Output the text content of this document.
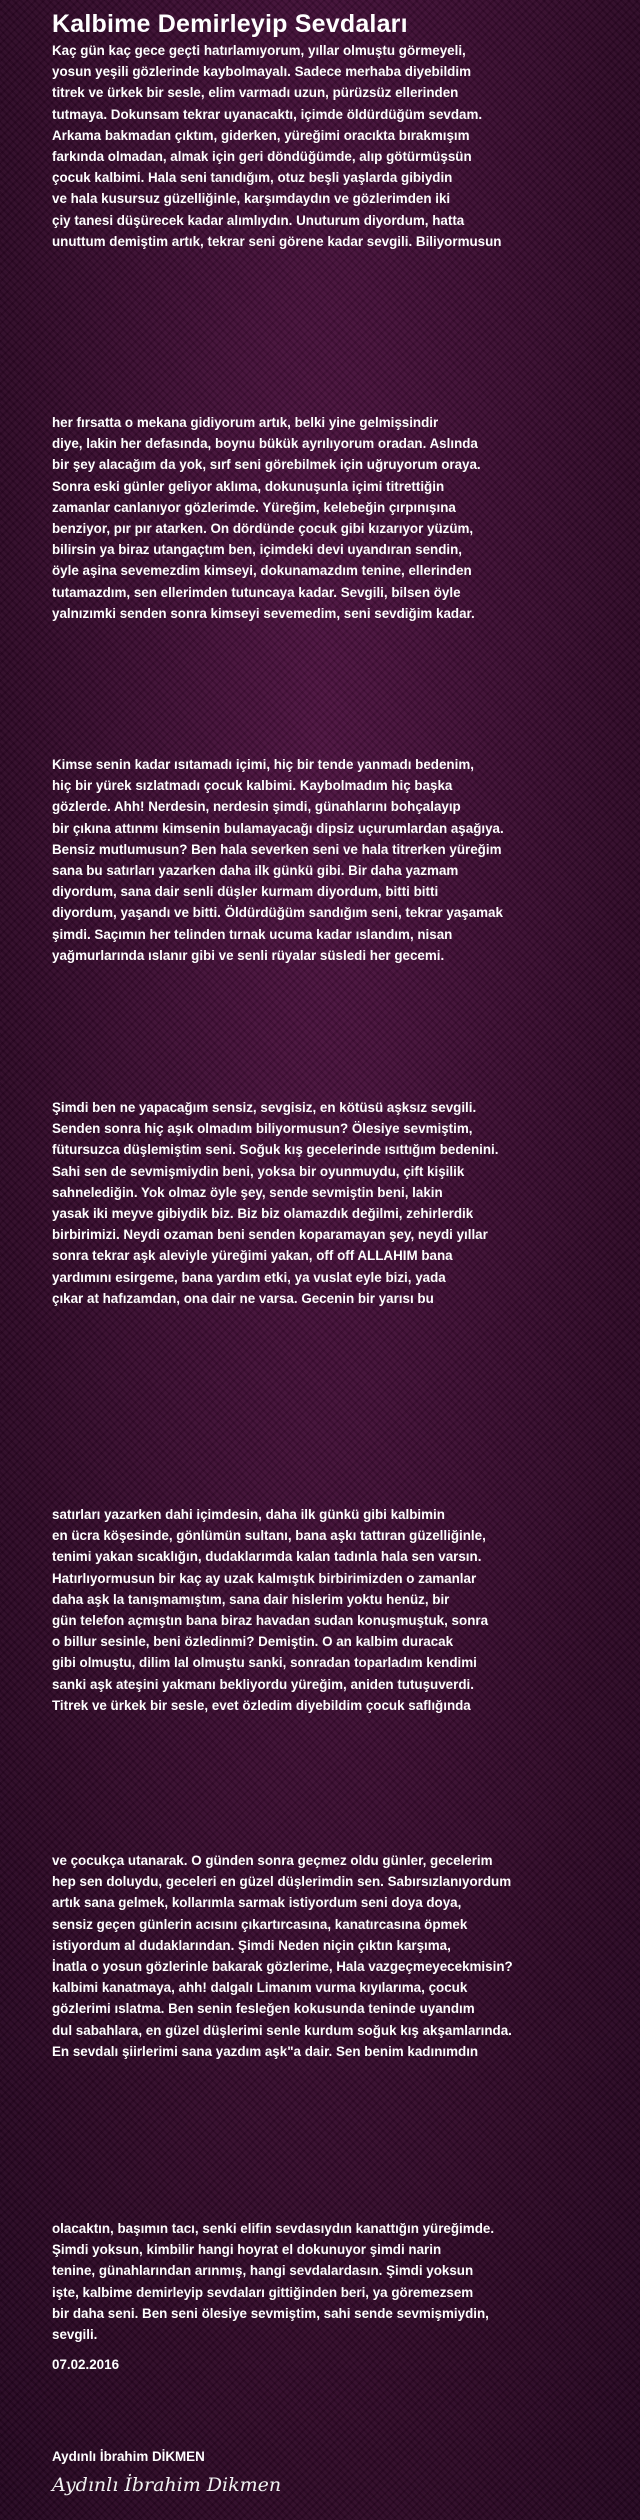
Kalbime Demirleyip Sevdaları

Kaç gün kaç gece geçti hatırlamıyorum, yıllar olmuştu görmeyeli,
yosun yeşili gözlerinde kaybolmayalı. Sadece merhaba diyebildim
titrek ve ürkek bir sesle, elim varmadı uzun, pürüzsüz ellerinden
tutmaya. Dokunsam tekrar uyanacaktı, içimde öldürdüğüm sevdam.
Arkama bakmadan çıktım, giderken, yüreğimi oracıkta bırakmışım
farkında olmadan, almak için geri döndüğümde, alıp götürmüşsün
çocuk kalbimi. Hala seni tanıdığım, otuz beşli yaşlarda gibiydin
ve hala kusursuz güzelliğinle, karşımdaydın ve gözlerimden iki
çiy tanesi düşürecek kadar alımlıydın. Unuturum diyordum, hatta
unuttum demiştim artık, tekrar seni görene kadar sevgili. Biliyormusun

her fırsatta o mekana gidiyorum artık, belki yine gelmişsindir
diye, lakin her defasında, boynu bükük ayrılıyorum oradan. Aslında
bir şey alacağım da yok, sırf seni görebilmek için uğruyorum oraya.
Sonra eski günler geliyor aklıma, dokunuşunla içimi titrettiğin
zamanlar canlanıyor gözlerimde. Yüreğim, kelebeğin çırpınışına
benziyor, pır pır atarken. On dördünde çocuk gibi kızarıyor yüzüm,
bilirsin ya biraz utangaçtım ben, içimdeki devi uyandıran sendin,
öyle aşina sevemezdim kimseyi, dokunamazdım tenine, ellerinden
tutamazdım, sen ellerimden tutuncaya kadar. Sevgili, bilsen öyle
yalnızımki senden sonra kimseyi sevemedim, seni sevdiğim kadar.

Kimse senin kadar ısıtamadı içimi, hiç bir tende yanmadı bedenim,
hiç bir yürek sızlatmadı çocuk kalbimi. Kaybolmadım hiç başka
gözlerde. Ahh! Nerdesin, nerdesin şimdi, günahlarını bohçalayıp
bir çıkına attınmı kimsenin bulamayacağı dipsiz uçurumlardan aşağıya.
Bensiz mutlumusun? Ben hala severken seni ve hala titrerken yüreğim
sana bu satırları yazarken daha ilk günkü gibi. Bir daha yazmam
diyordum, sana dair senli düşler kurmam diyordum, bitti bitti
diyordum, yaşandı ve bitti. Öldürdüğüm sandığım seni, tekrar yaşamak
şimdi. Saçımın her telinden tırnak ucuma kadar ıslandım, nisan
yağmurlarında ıslanır gibi ve senli rüyalar süsledi her gecemi.

Şimdi ben ne yapacağım sensiz, sevgisiz, en kötüsü aşksız sevgili.
Senden sonra hiç aşık olmadım biliyormusun? Ölesiye sevmiştim,
fütursuzca düşlemiştim seni. Soğuk kış gecelerinde ısıttığım bedenini.
Sahi sen de sevmişmiydin beni, yoksa bir oyunmuydu, çift kişilik
sahnelediğin. Yok olmaz öyle şey, sende sevmiştin beni, lakin
yasak iki meyve gibiydik biz. Biz biz olamazdık değilmi, zehirlerdik
birbirimizi. Neydi ozaman beni senden koparamayan şey, neydi yıllar
sonra tekrar aşk aleviyle yüreğimi yakan, off off ALLAHIM bana
yardımını esirgeme, bana yardım etki, ya vuslat eyle bizi, yada
çıkar at hafızamdan, ona dair ne varsa. Gecenin bir yarısı bu

satırları yazarken dahi içimdesin, daha ilk günkü gibi kalbimin
en ücra köşesinde, gönlümün sultanı, bana aşkı tattıran güzelliğinle,
tenimi yakan sıcaklığın, dudaklarımda kalan tadınla hala sen varsın.
Hatırlıyormusun bir kaç ay uzak kalmıştık birbirimizden o zamanlar
daha aşk la tanışmamıştım, sana dair hislerim yoktu henüz, bir
gün telefon açmıştın bana biraz havadan sudan konuşmuştuk, sonra
o billur sesinle, beni özledinmi? Demiştin. O an kalbim duracak
gibi olmuştu, dilim lal olmuştu sanki, sonradan toparladım kendimi
sanki aşk ateşini yakmanı bekliyordu yüreğim, aniden tutuşuverdi.
Titrek ve ürkek bir sesle, evet özledim diyebildim çocuk saflığında

ve çocukça utanarak. O günden sonra geçmez oldu günler, gecelerim
hep sen doluydu, geceleri en güzel düşlerimdin sen. Sabırsızlanıyordum
artık sana gelmek, kollarımla sarmak istiyordum seni doya doya,
sensiz geçen günlerin acısını çıkartırcasına, kanatırcasına öpmek
istiyordum al dudaklarından. Şimdi Neden niçin çıktın karşıma,
İnatla o yosun gözlerinle bakarak gözlerime, Hala vazgeçmeyecekmisin?
kalbimi kanatmaya, ahh! dalgalı Limanım vurma kıyılarıma, çocuk
gözlerimi ıslatma. Ben senin fesleğen kokusunda teninde uyandım
dul sabahlara, en güzel düşlerimi senle kurdum soğuk kış akşamlarında.
En sevdalı şiirlerimi sana yazdım aşk"a dair. Sen benim kadınımdın

olacaktın, başımın tacı, senki elifin sevdasıydın kanattığın yüreğimde.
Şimdi yoksun, kimbilir hangi hoyrat el dokunuyor şimdi narin
tenine, günahlarından arınmış, hangi sevdalardasın. Şimdi yoksun
işte, kalbime demirleyip sevdaları gittiğinden beri, ya göremezsem
bir daha seni. Ben seni ölesiye sevmiştim, sahi sende sevmişmiydin,
sevgili.

07.02.2016

Aydınlı İbrahim DİKMEN

Aydınlı İbrahim Dikmen
